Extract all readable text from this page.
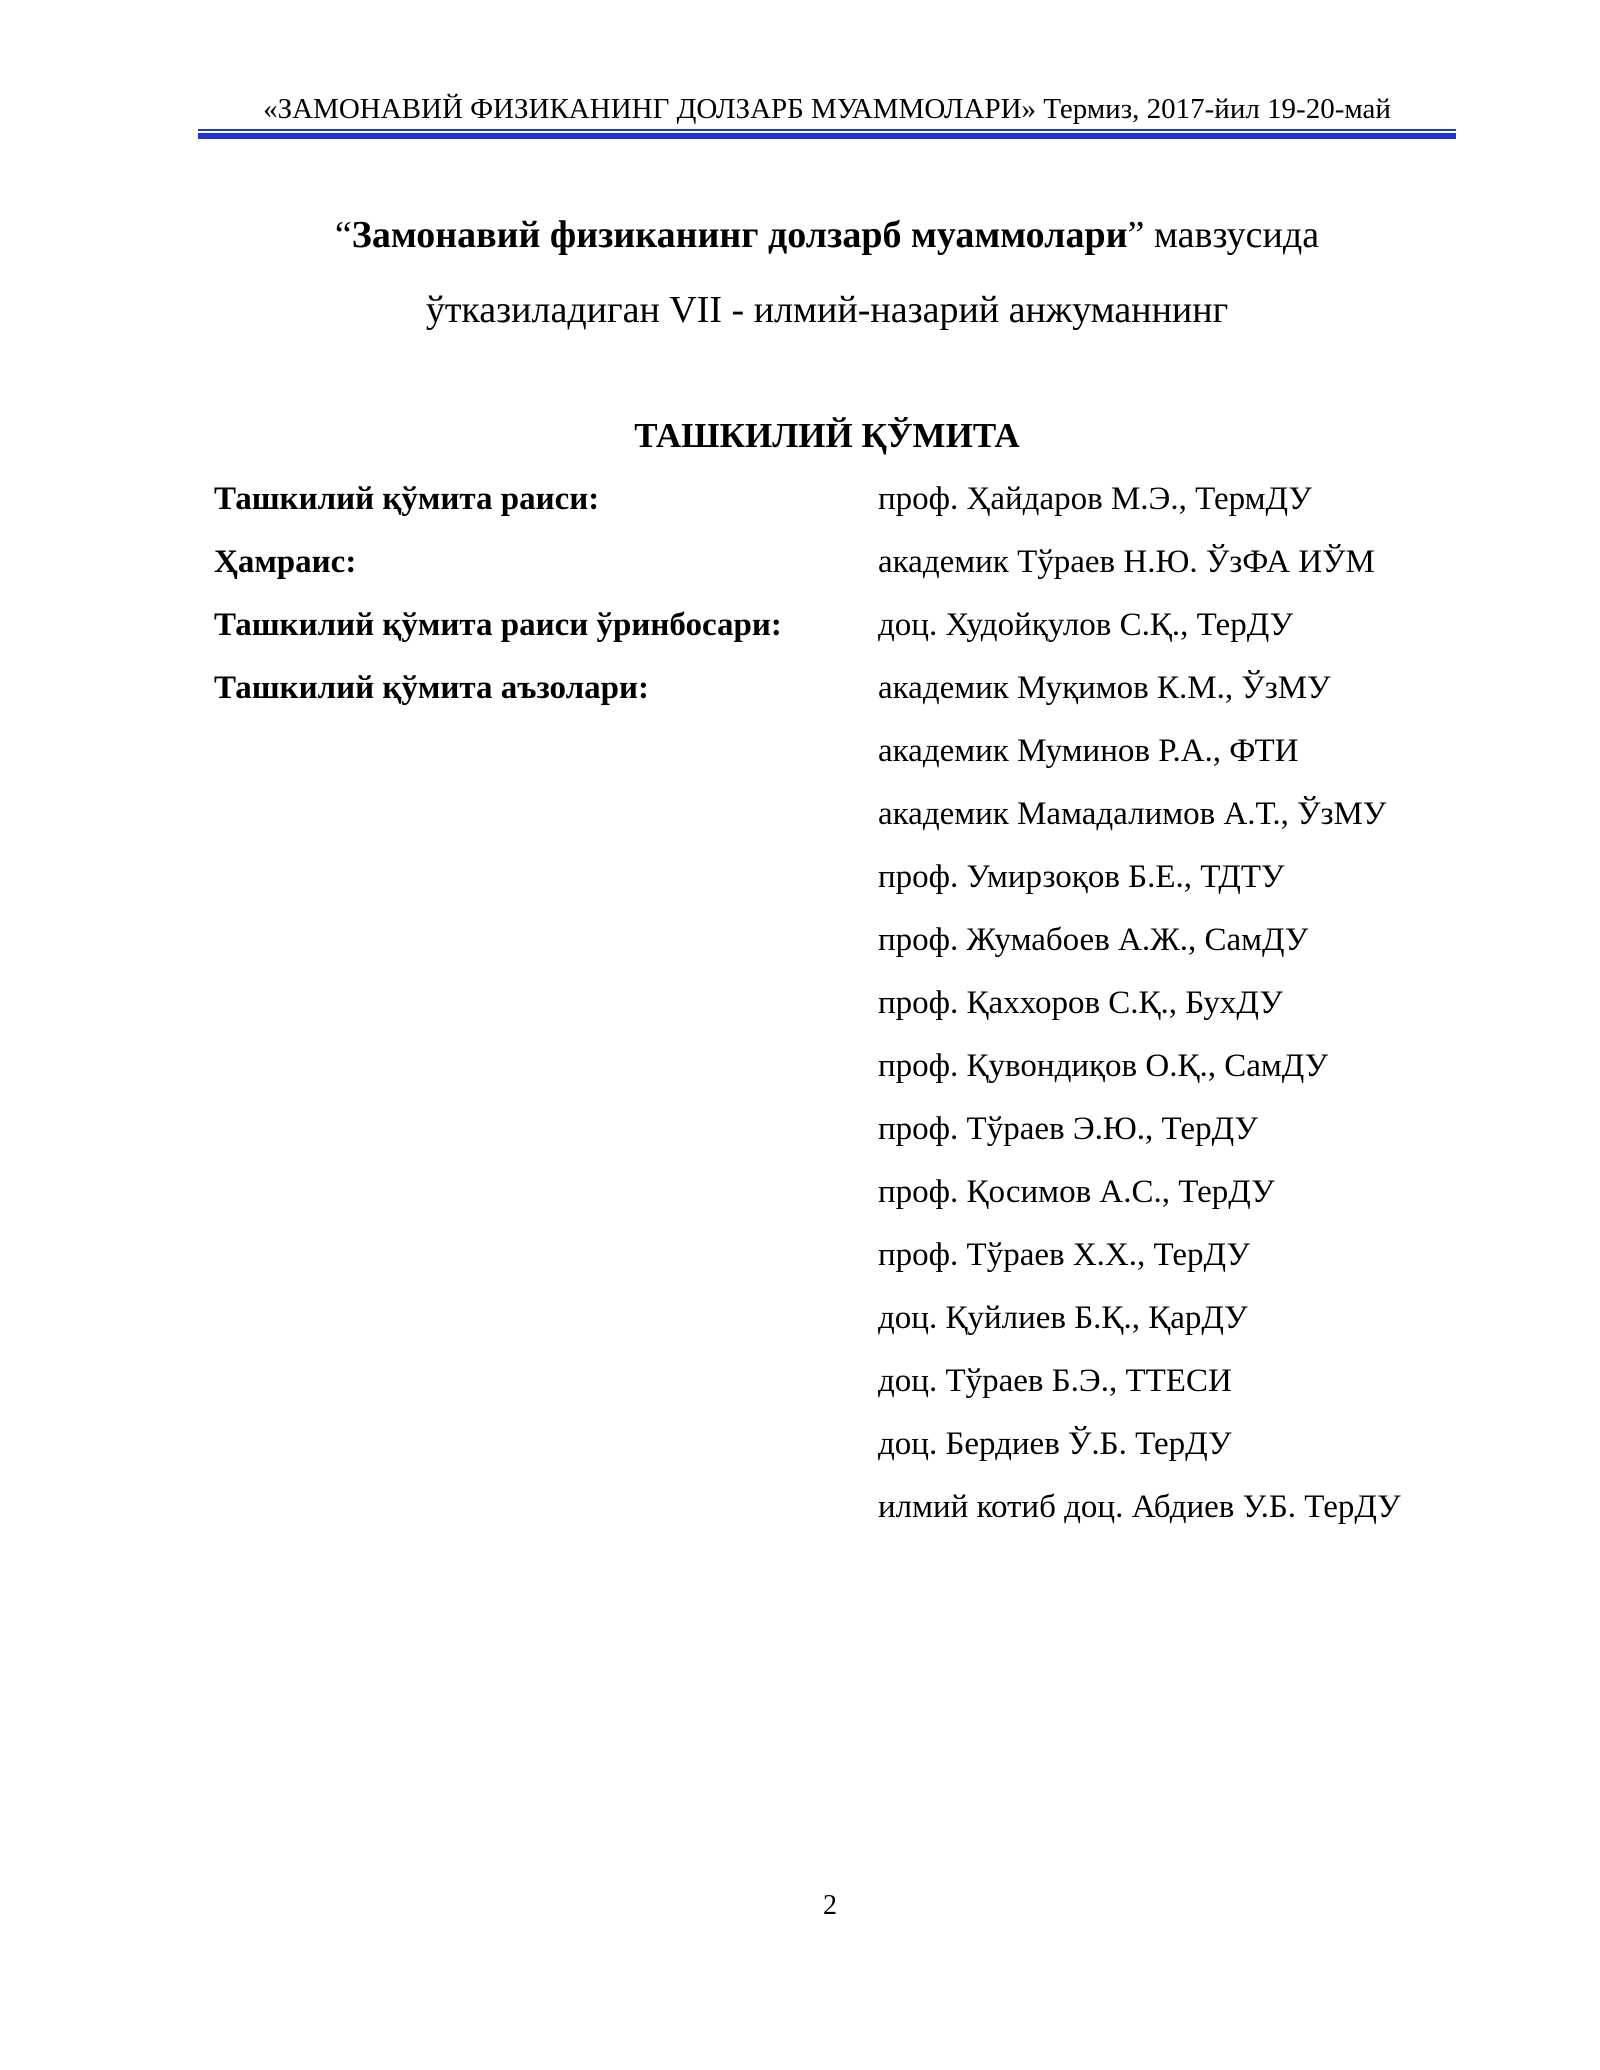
«ЗАМОНАВИЙ ФИЗИКАНИНГ ДОЛЗАРБ МУАММОЛАРИ» Термиз, 2017-йил 19-20-май
“Замонавий физиканинг долзарб муаммолари” мавзусида
ўтказиладиган VII - илмий-назарий анжуманнинг
ТАШКИЛИЙ ҚЎМИТА
Ташкилий қўмита раиси:	проф. Ҳайдаров М.Э., ТермДУ
Ҳамраис:	академик Тўраев Н.Ю. ЎзФА ИЎМ
Ташкилий қўмита раиси ўринбосари:	доц. Худойқулов С.Қ., ТерДУ
Ташкилий қўмита аъзолари:	академик Муқимов К.М., ЎзМУ
академик Муминов Р.А., ФТИ
академик Мамадалимов А.Т., ЎзМУ
проф. Умирзоқов Б.Е., ТДТУ
проф. Жумабоев А.Ж., СамДУ
проф. Қаххоров С.Қ., БухДУ
проф. Қувондиқов О.Қ., СамДУ
проф. Тўраев Э.Ю., ТерДУ
проф. Қосимов А.С., ТерДУ
проф. Тўраев Х.Х., ТерДУ
доц. Қуйлиев Б.Қ., ҚарДУ
доц. Тўраев Б.Э., ТТЕСИ
доц. Бердиев Ў.Б. ТерДУ
илмий котиб доц. Абдиев У.Б. ТерДУ
2
